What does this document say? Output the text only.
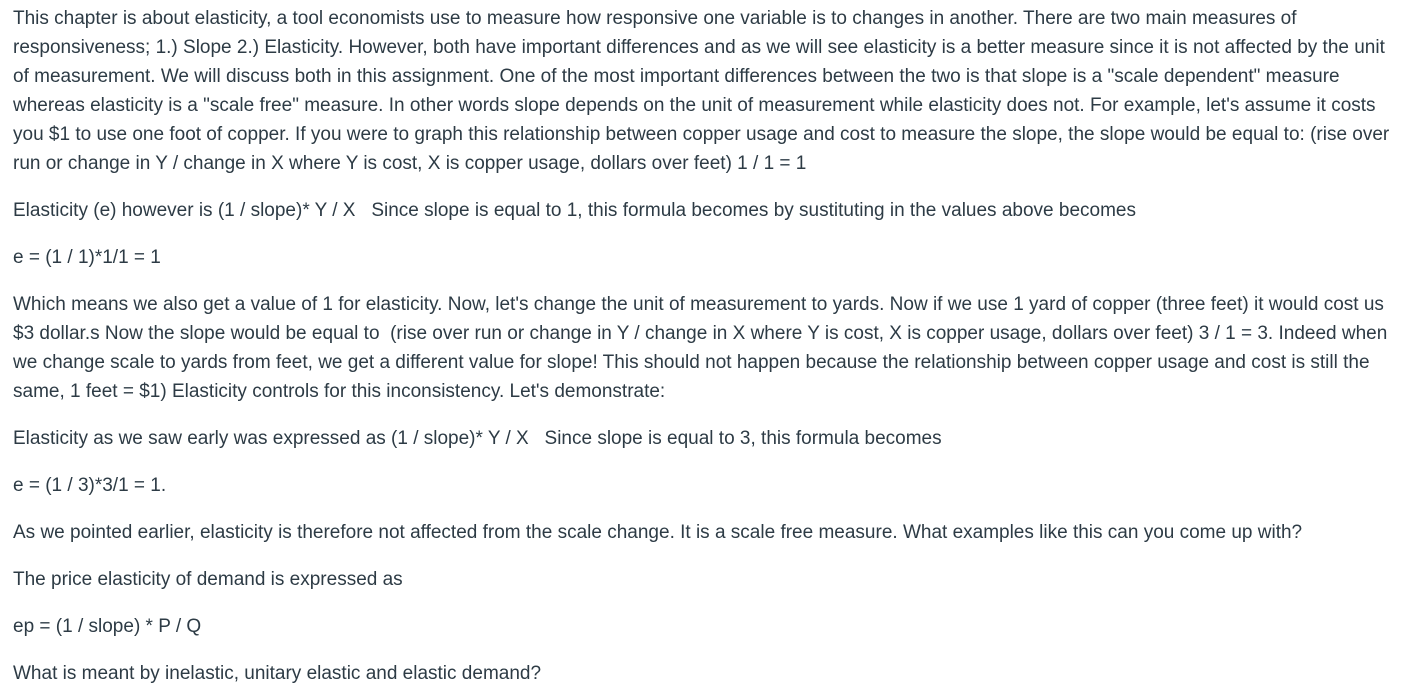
This chapter is about elasticity, a tool economists use to measure how responsive one variable is to changes in another. There are two main measures of responsiveness; 1.) Slope 2.) Elasticity. However, both have important differences and as we will see elasticity is a better measure since it is not affected by the unit of measurement. We will discuss both in this assignment. One of the most important differences between the two is that slope is a "scale dependent" measure whereas elasticity is a "scale free" measure. In other words slope depends on the unit of measurement while elasticity does not. For example, let's assume it costs you $1 to use one foot of copper. If you were to graph this relationship between copper usage and cost to measure the slope, the slope would be equal to: (rise over run or change in Y / change in X where Y is cost, X is copper usage, dollars over feet) 1 / 1 = 1

Elasticity (e) however is (1 / slope)* Y / X   Since slope is equal to 1, this formula becomes by sustituting in the values above becomes

e = (1 / 1)*1/1 = 1

Which means we also get a value of 1 for elasticity. Now, let's change the unit of measurement to yards. Now if we use 1 yard of copper (three feet) it would cost us $3 dollar.s Now the slope would be equal to  (rise over run or change in Y / change in X where Y is cost, X is copper usage, dollars over feet) 3 / 1 = 3. Indeed when we change scale to yards from feet, we get a different value for slope! This should not happen because the relationship between copper usage and cost is still the same, 1 feet = $1) Elasticity controls for this inconsistency. Let's demonstrate:

Elasticity as we saw early was expressed as (1 / slope)* Y / X   Since slope is equal to 3, this formula becomes

e = (1 / 3)*3/1 = 1.

As we pointed earlier, elasticity is therefore not affected from the scale change. It is a scale free measure. What examples like this can you come up with?

The price elasticity of demand is expressed as

ep = (1 / slope) * P / Q

What is meant by inelastic, unitary elastic and elastic demand?
